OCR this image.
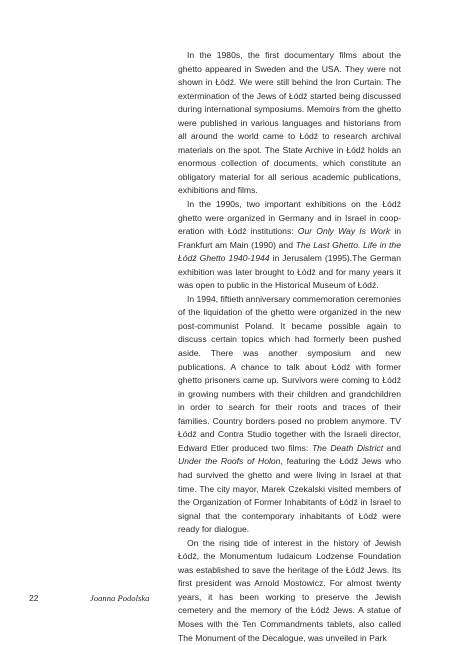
In the 1980s, the first documentary films about the ghetto appeared in Sweden and the USA. They were not shown in Łódź. We were still behind the Iron Curtain. The extermination of the Jews of Łódź started being discussed during international symposiums. Memoirs from the ghetto were published in various languages and historians from all around the world came to Łódź to research archival materials on the spot. The State Archive in Łódź holds an enormous collection of documents, which constitute an obligatory material for all serious academic publications, exhibitions and films.

In the 1990s, two important exhibitions on the Łódź ghetto were organized in Germany and in Israel in cooperation with Łódź institutions: Our Only Way Is Work in Frankfurt am Main (1990) and The Last Ghetto. Life in the Łódź Ghetto 1940-1944 in Jerusalem (1995).The German exhibition was later brought to Łódź and for many years it was open to public in the Historical Museum of Łódź.

In 1994, fiftieth anniversary commemoration ceremonies of the liquidation of the ghetto were organized in the new post-communist Poland. It became possible again to discuss certain topics which had formerly been pushed aside. There was another symposium and new publications. A chance to talk about Łódź with former ghetto prisoners came up. Survivors were coming to Łódź in growing numbers with their children and grandchildren in order to search for their roots and traces of their families. Country borders posed no problem anymore. TV Łódź and Contra Studio together with the Israeli director, Edward Etler produced two films: The Death District and Under the Roofs of Holon, featuring the Łódź Jews who had survived the ghetto and were living in Israel at that time. The city mayor, Marek Czekalski visited members of the Organization of Former Inhabitants of Łódź in Israel to signal that the contemporary inhabitants of Łódź were ready for dialogue.

On the rising tide of interest in the history of Jewish Łódź, the Monumentum Iudaicum Lodzense Foundation was established to save the heritage of the Łódź Jews. Its first president was Arnold Mostowicz. For almost twenty years, it has been working to preserve the Jewish cemetery and the memory of the Łódź Jews. A statue of Moses with the Ten Commandments tablets, also called The Monument of the Decalogue, was unveiled in Park

22	Joanna Podolska
